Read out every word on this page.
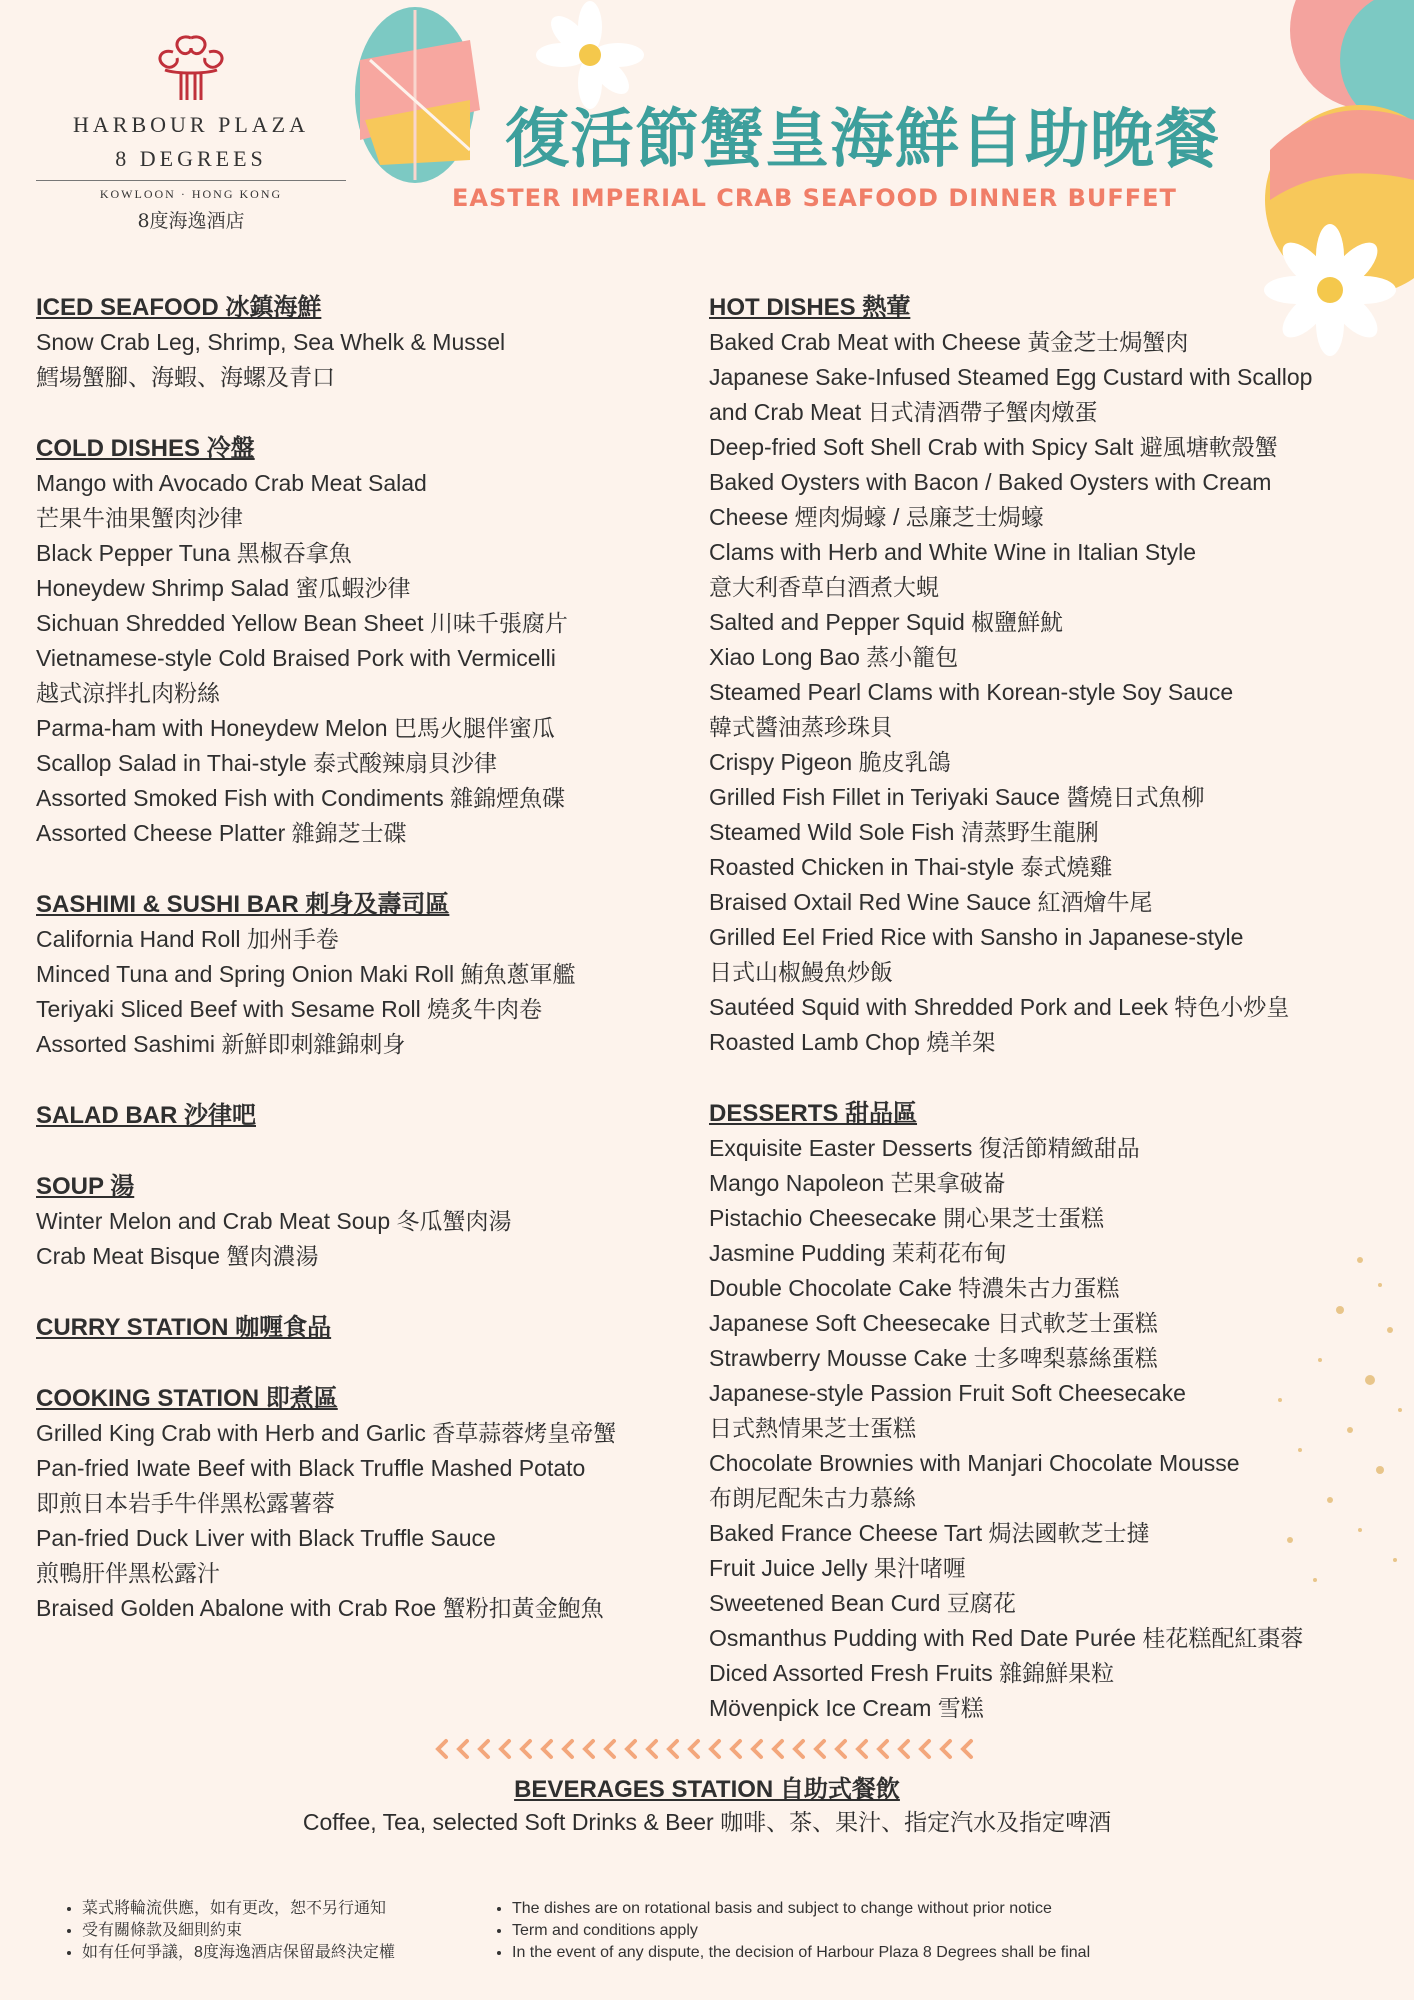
HARBOUR PLAZA
8 DEGREES
KOWLOON · HONG KONG
8度海逸酒店
復活節蟹皇海鮮自助晚餐
EASTER IMPERIAL CRAB SEAFOOD DINNER BUFFET
ICED SEAFOOD 冰鎮海鮮
Snow Crab Leg, Shrimp, Sea Whelk & Mussel
鱈場蟹腳、海蝦、海螺及青口
COLD DISHES 冷盤
Mango with Avocado Crab Meat Salad
芒果牛油果蟹肉沙律
Black Pepper Tuna 黑椒吞拿魚
Honeydew Shrimp Salad 蜜瓜蝦沙律
Sichuan Shredded Yellow Bean Sheet 川味千張腐片
Vietnamese-style Cold Braised Pork with Vermicelli
越式涼拌扎肉粉絲
Parma-ham with Honeydew Melon 巴馬火腿伴蜜瓜
Scallop Salad in Thai-style 泰式酸辣扇貝沙律
Assorted Smoked Fish with Condiments 雜錦煙魚碟
Assorted Cheese Platter 雜錦芝士碟
SASHIMI & SUSHI BAR 刺身及壽司區
California Hand Roll 加州手卷
Minced Tuna and Spring Onion Maki Roll 鮪魚蔥軍艦
Teriyaki Sliced Beef with Sesame Roll 燒炙牛肉卷
Assorted Sashimi 新鮮即刺雜錦刺身
SALAD BAR 沙律吧
SOUP 湯
Winter Melon and Crab Meat Soup 冬瓜蟹肉湯
Crab Meat Bisque 蟹肉濃湯
CURRY STATION 咖喱食品
COOKING STATION 即煮區
Grilled King Crab with Herb and Garlic 香草蒜蓉烤皇帝蟹
Pan-fried Iwate Beef with Black Truffle Mashed Potato
即煎日本岩手牛伴黑松露薯蓉
Pan-fried Duck Liver with Black Truffle Sauce
煎鴨肝伴黑松露汁
Braised Golden Abalone with Crab Roe 蟹粉扣黃金鮑魚
HOT DISHES 熱葷
Baked Crab Meat with Cheese 黃金芝士焗蟹肉
Japanese Sake-Infused Steamed Egg Custard with Scallop
and Crab Meat 日式清酒帶子蟹肉燉蛋
Deep-fried Soft Shell Crab with Spicy Salt 避風塘軟殼蟹
Baked Oysters with Bacon / Baked Oysters with Cream
Cheese 煙肉焗蠔 / 忌廉芝士焗蠔
Clams with Herb and White Wine in Italian Style
意大利香草白酒煮大蜆
Salted and Pepper Squid 椒鹽鮮魷
Xiao Long Bao 蒸小籠包
Steamed Pearl Clams with Korean-style Soy Sauce
韓式醬油蒸珍珠貝
Crispy Pigeon 脆皮乳鴿
Grilled Fish Fillet in Teriyaki Sauce 醬燒日式魚柳
Steamed Wild Sole Fish 清蒸野生龍脷
Roasted Chicken in Thai-style 泰式燒雞
Braised Oxtail Red Wine Sauce 紅酒燴牛尾
Grilled Eel Fried Rice with Sansho in Japanese-style
日式山椒鰻魚炒飯
Sautéed Squid with Shredded Pork and Leek 特色小炒皇
Roasted Lamb Chop 燒羊架
DESSERTS 甜品區
Exquisite Easter Desserts 復活節精緻甜品
Mango Napoleon 芒果拿破崙
Pistachio Cheesecake 開心果芝士蛋糕
Jasmine Pudding 茉莉花布甸
Double Chocolate Cake 特濃朱古力蛋糕
Japanese Soft Cheesecake 日式軟芝士蛋糕
Strawberry Mousse Cake 士多啤梨慕絲蛋糕
Japanese-style Passion Fruit Soft Cheesecake
日式熱情果芝士蛋糕
Chocolate Brownies with Manjari Chocolate Mousse
布朗尼配朱古力慕絲
Baked France Cheese Tart 焗法國軟芝士撻
Fruit Juice Jelly 果汁啫喱
Sweetened Bean Curd 豆腐花
Osmanthus Pudding with Red Date Purée 桂花糕配紅棗蓉
Diced Assorted Fresh Fruits 雜錦鮮果粒
Mövenpick Ice Cream 雪糕
BEVERAGES STATION 自助式餐飲
Coffee, Tea, selected Soft Drinks & Beer 咖啡、茶、果汁、指定汽水及指定啤酒
• 菜式將輪流供應，如有更改，恕不另行通知
• 受有關條款及細則約束
• 如有任何爭議，8度海逸酒店保留最終決定權
• The dishes are on rotational basis and subject to change without prior notice
• Term and conditions apply
• In the event of any dispute, the decision of Harbour Plaza 8 Degrees shall be final
